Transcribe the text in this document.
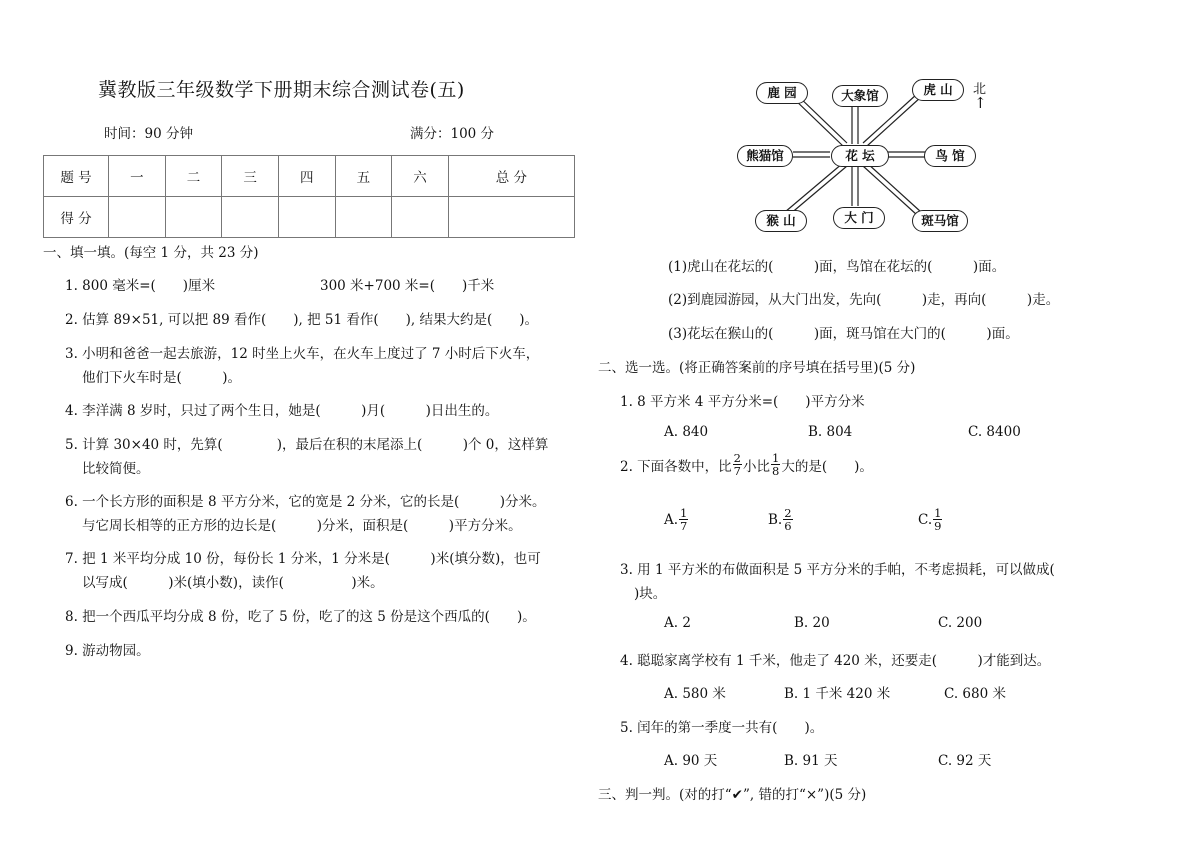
冀教版三年级数学下册期末综合测试卷(五)
时间：90 分钟	满分：100 分
题 号	一	二	三	四	五	六	总 分
得 分							
一、填一填。(每空 1 分，共 23 分)
1. 800 毫米=(　　)厘米	300 米+700 米=(　　)千米
2. 估算 89×51, 可以把 89 看作(　　), 把 51 看作(　　), 结果大约是(　　)。
3. 小明和爸爸一起去旅游，12 时坐上火车，在火车上度过了 7 小时后下火车，
他们下火车时是(　　　)。
4. 李洋满 8 岁时，只过了两个生日，她是(　　　)月(　　　)日出生的。
5. 计算 30×40 时，先算(　　　　)，最后在积的末尾添上(　　　)个 0，这样算
比较简便。
6. 一个长方形的面积是 8 平方分米，它的宽是 2 分米，它的长是(　　　)分米。
与它周长相等的正方形的边长是(　　　)分米，面积是(　　　)平方分米。
7. 把 1 米平均分成 10 份，每份长 1 分米，1 分米是(　　　)米(填分数)，也可
以写成(　　　)米(填小数)，读作(　　　　　)米。
8. 把一个西瓜平均分成 8 份，吃了 5 份，吃了的这 5 份是这个西瓜的(　　)。
9. 游动物园。
鹿 园	大象馆	虎 山
熊猫馆	花 坛	鸟 馆
猴 山	大 门	斑马馆
北
↑
(1)虎山在花坛的(　　　)面，鸟馆在花坛的(　　　)面。
(2)到鹿园游园，从大门出发，先向(　　　)走，再向(　　　)走。
(3)花坛在猴山的(　　　)面，斑马馆在大门的(　　　)面。
二、选一选。(将正确答案前的序号填在括号里)(5 分)
1. 8 平方米 4 平方分米=(　　)平方分米
A. 840	B. 804	C. 8400
2. 下面各数中，比 $\frac{2}{7}$ 小比 $\frac{1}{8}$ 大的是(　　)。
A. $\frac{1}{7}$	B. $\frac{2}{6}$	C. $\frac{1}{9}$
3. 用 1 平方米的布做面积是 5 平方分米的手帕，不考虑损耗，可以做成(
)块。
A. 2	B. 20	C. 200
4. 聪聪家离学校有 1 千米，他走了 420 米，还要走(　　　)才能到达。
A. 580 米	B. 1 千米 420 米	C. 680 米
5. 闰年的第一季度一共有(　　)。
A. 90 天	B. 91 天	C. 92 天
三、判一判。(对的打“✔”, 错的打“×”)(5 分)
